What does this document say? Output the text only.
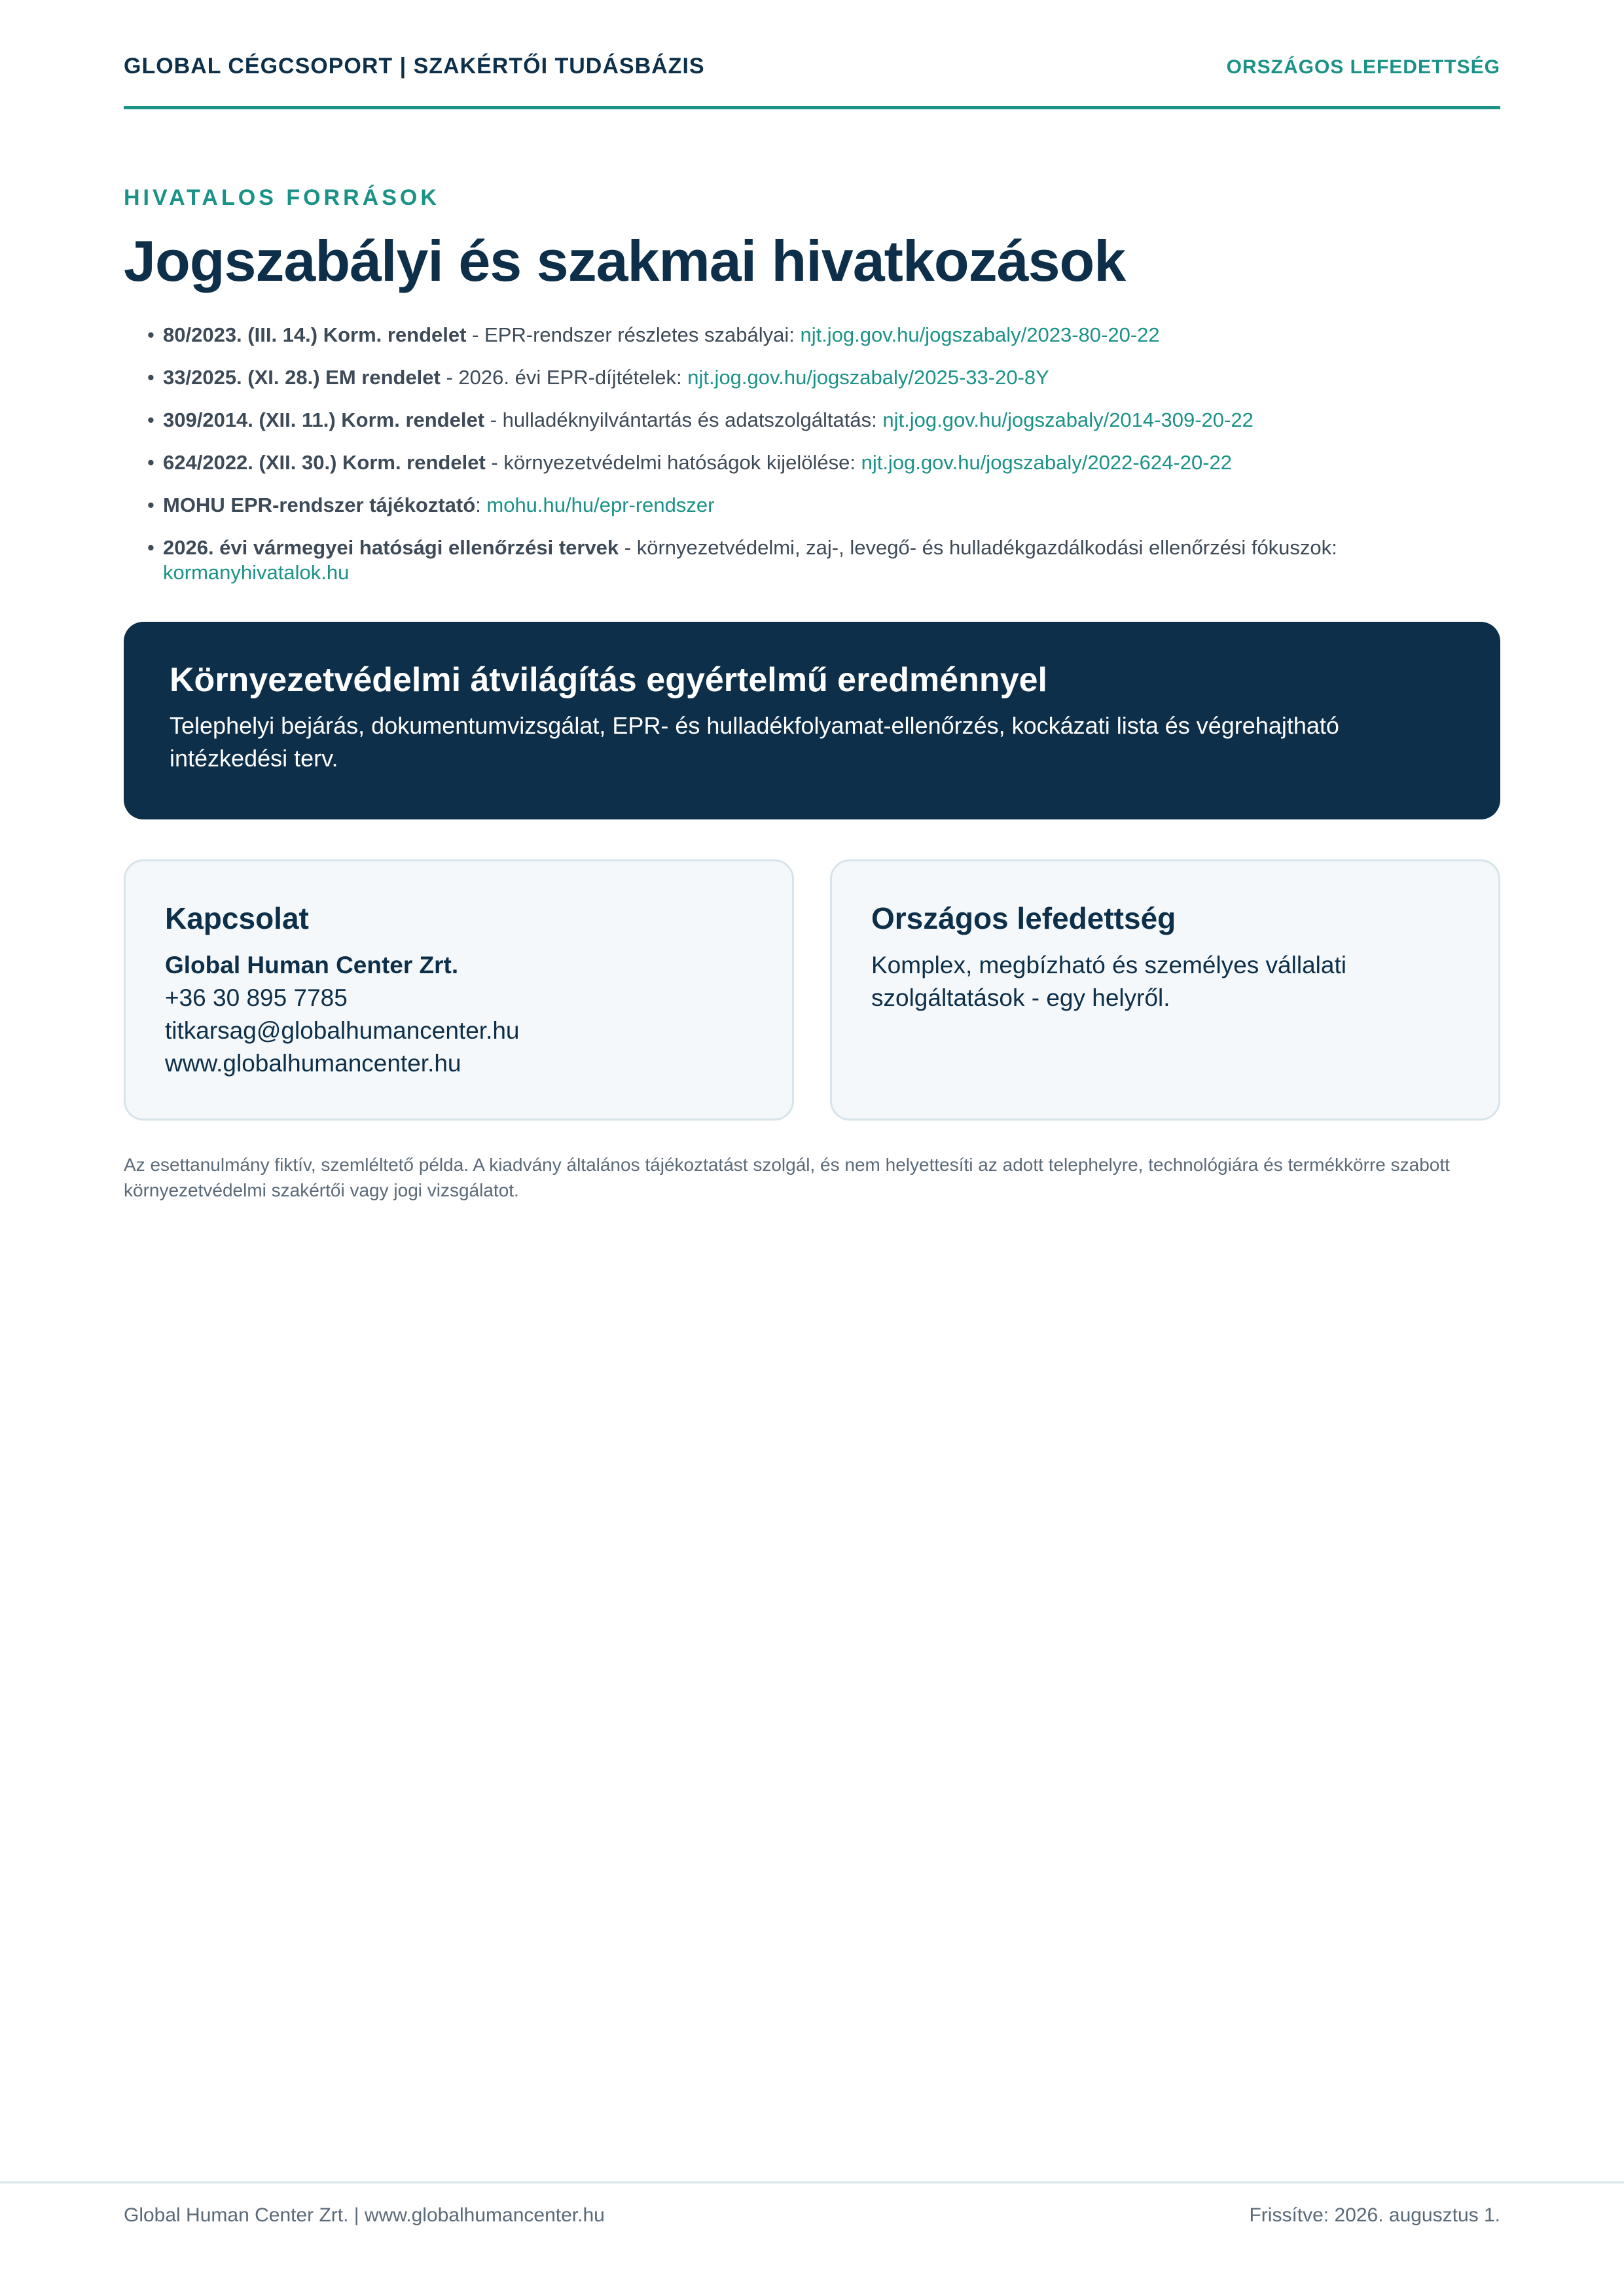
GLOBAL CÉGCSOPORT | SZAKÉRTŐI TUDÁSBÁZIS	ORSZÁGOS LEFEDETTSÉG
HIVATALOS FORRÁSOK
Jogszabályi és szakmai hivatkozások
• 80/2023. (III. 14.) Korm. rendelet - EPR-rendszer részletes szabályai: njt.jog.gov.hu/jogszabaly/2023-80-20-22
• 33/2025. (XI. 28.) EM rendelet - 2026. évi EPR-díjtételek: njt.jog.gov.hu/jogszabaly/2025-33-20-8Y
• 309/2014. (XII. 11.) Korm. rendelet - hulladéknyilvántartás és adatszolgáltatás: njt.jog.gov.hu/jogszabaly/2014-309-20-22
• 624/2022. (XII. 30.) Korm. rendelet - környezetvédelmi hatóságok kijelölése: njt.jog.gov.hu/jogszabaly/2022-624-20-22
• MOHU EPR-rendszer tájékoztató: mohu.hu/hu/epr-rendszer
• 2026. évi vármegyei hatósági ellenőrzési tervek - környezetvédelmi, zaj-, levegő- és hulladékgazdálkodási ellenőrzési fókuszok: kormanyhivatalok.hu
Környezetvédelmi átvilágítás egyértelmű eredménnyel
Telephelyi bejárás, dokumentumvizsgálat, EPR- és hulladékfolyamat-ellenőrzés, kockázati lista és végrehajtható intézkedési terv.
Kapcsolat
Global Human Center Zrt.
+36 30 895 7785
titkarsag@globalhumancenter.hu
www.globalhumancenter.hu
Országos lefedettség
Komplex, megbízható és személyes vállalati szolgáltatások - egy helyről.
Az esettanulmány fiktív, szemléltető példa. A kiadvány általános tájékoztatást szolgál, és nem helyettesíti az adott telephelyre, technológiára és termékkörre szabott környezetvédelmi szakértői vagy jogi vizsgálatot.
Global Human Center Zrt. | www.globalhumancenter.hu	Frissítve: 2026. augusztus 1.
